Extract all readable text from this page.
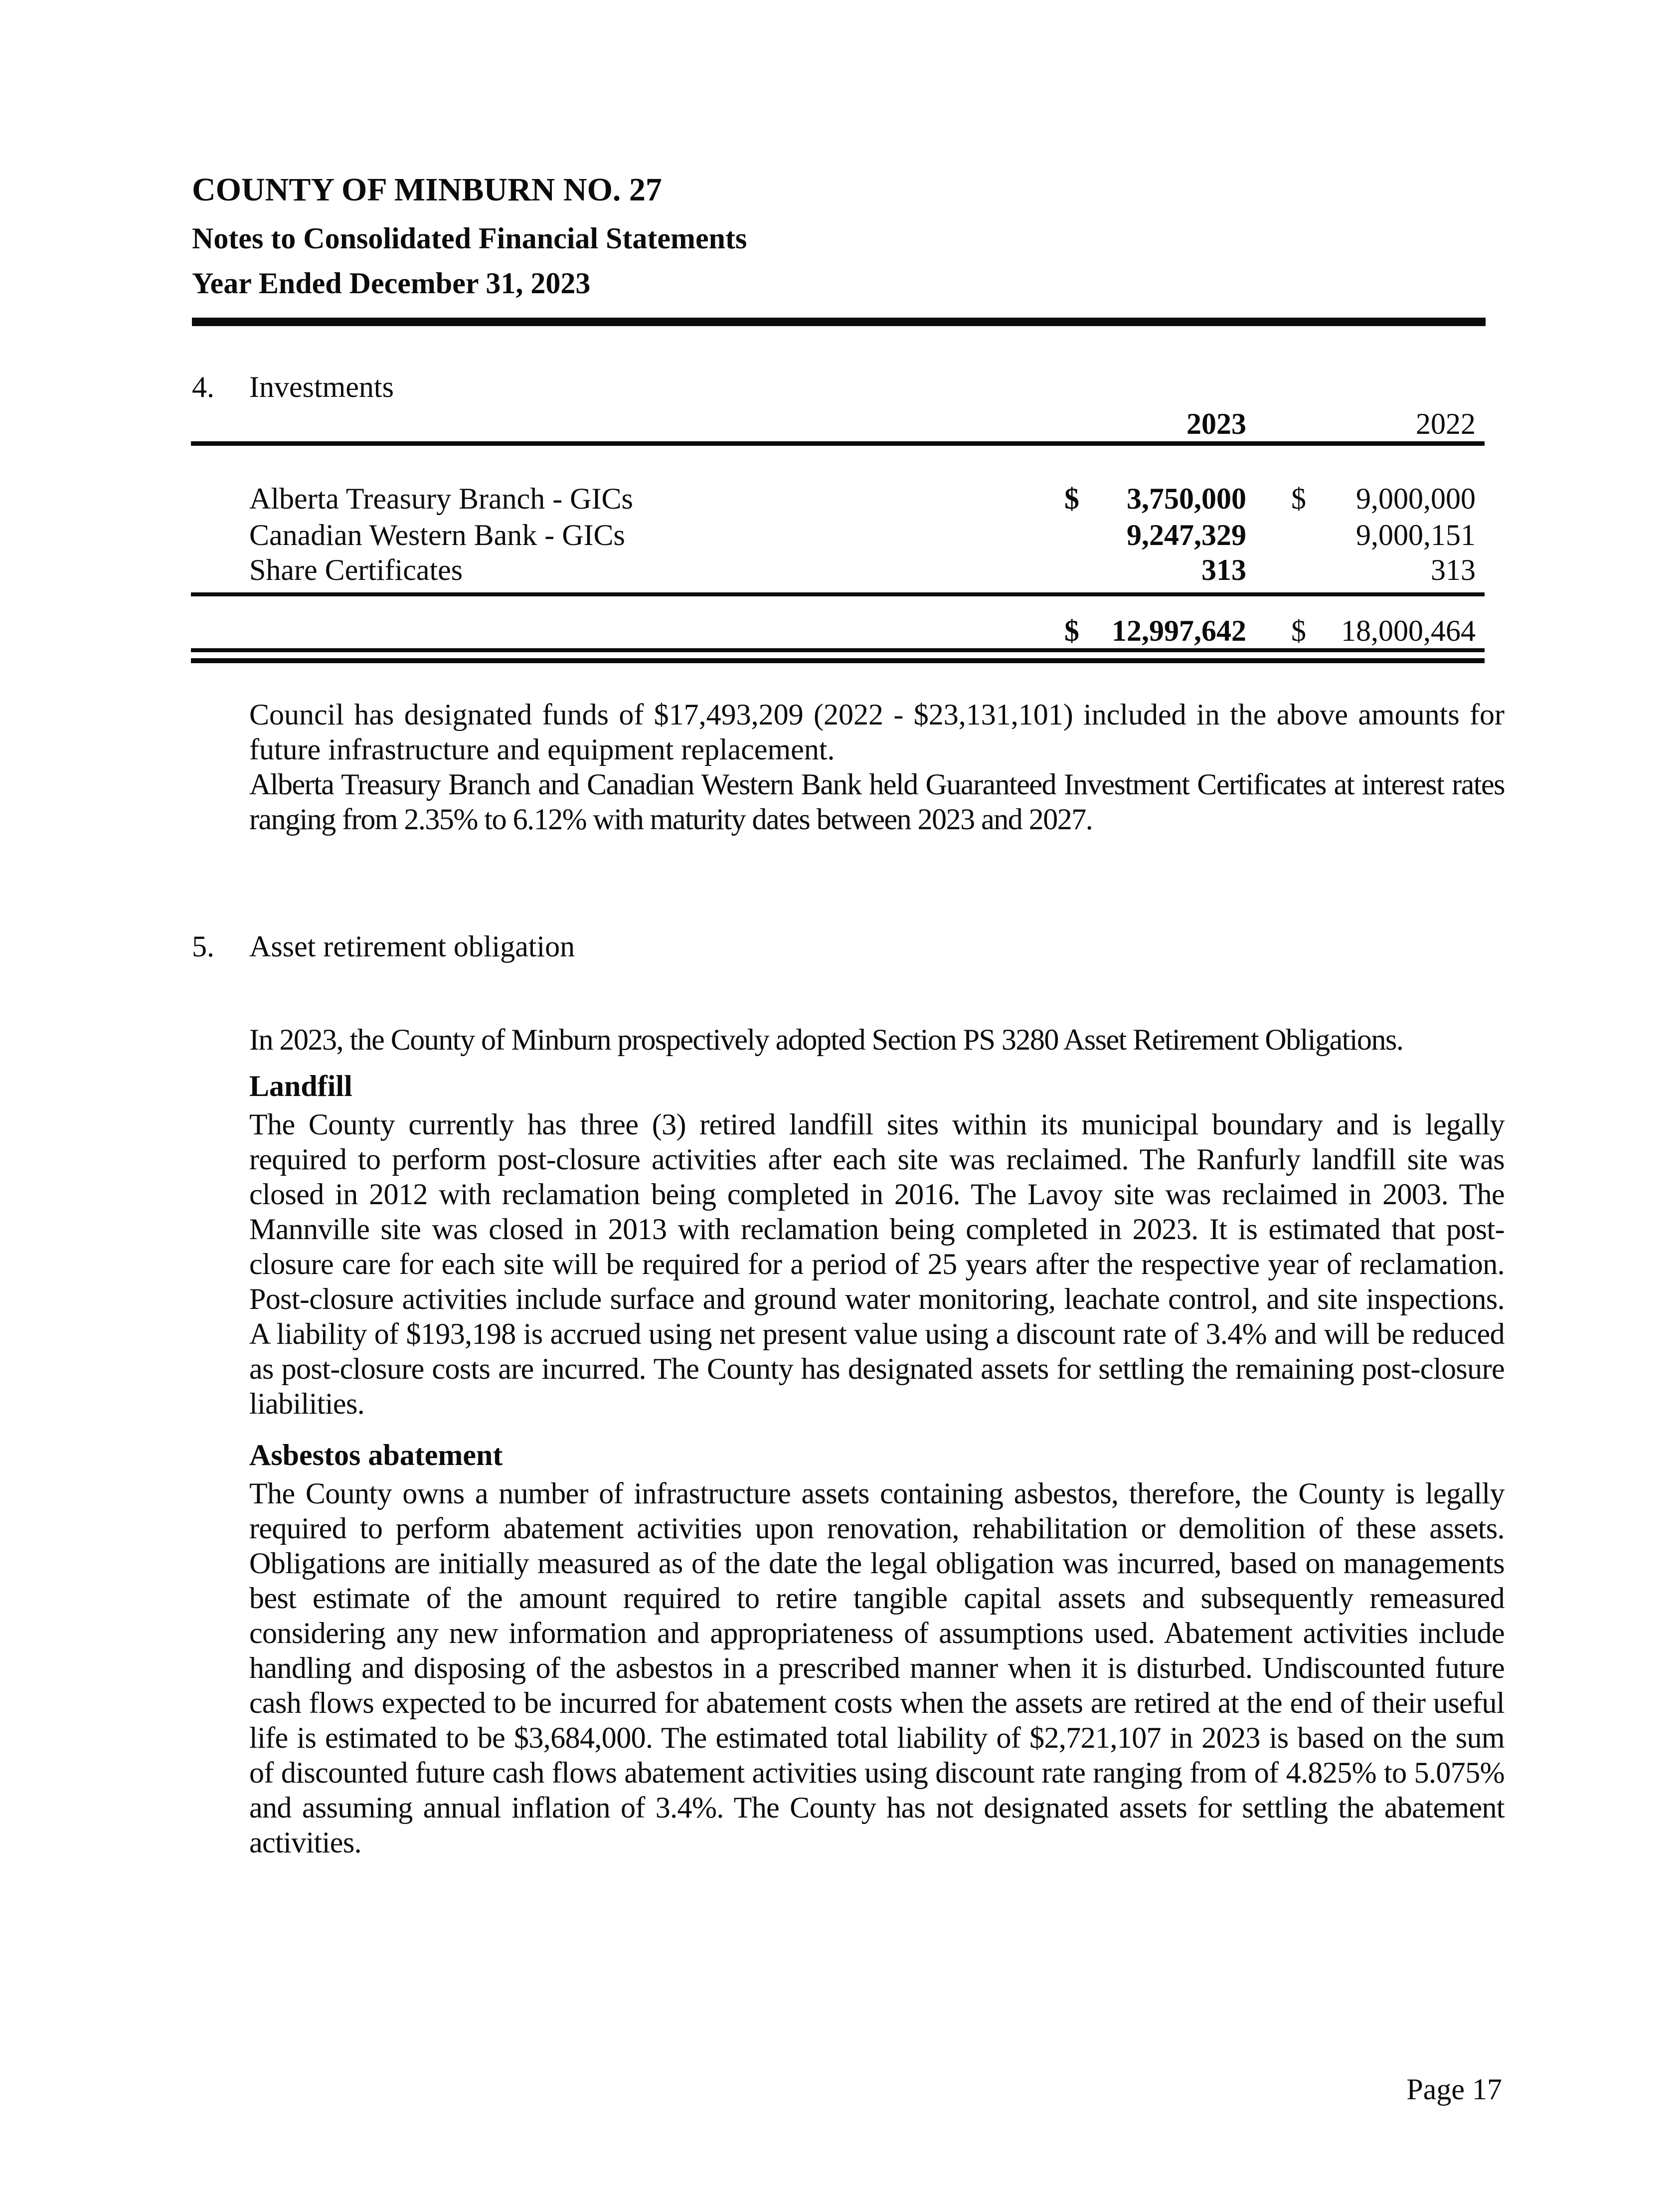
COUNTY OF MINBURN NO. 27
Notes to Consolidated Financial Statements
Year Ended December 31, 2023
4. Investments
2023	2022
Alberta Treasury Branch - GICs	$	3,750,000 $	9,000,000
Canadian Western Bank - GICs	9,247,329	9,000,151
Share Certificates	313	313
$	12,997,642 $	18,000,464

Council has designated funds of $17,493,209 (2022 - $23,131,101) included in the above amounts for future infrastructure and equipment replacement.

Alberta Treasury Branch and Canadian Western Bank held Guaranteed Investment Certificates at interest rates ranging from 2.35% to 6.12% with maturity dates between 2023 and 2027.

5. Asset retirement obligation

In 2023, the County of Minburn prospectively adopted Section PS 3280 Asset Retirement Obligations.

Landfill

The County currently has three (3) retired landfill sites within its municipal boundary and is legally required to perform post-closure activities after each site was reclaimed. The Ranfurly landfill site was closed in 2012 with reclamation being completed in 2016. The Lavoy site was reclaimed in 2003. The Mannville site was closed in 2013 with reclamation being completed in 2023. It is estimated that post-closure care for each site will be required for a period of 25 years after the respective year of reclamation. Post-closure activities include surface and ground water monitoring, leachate control, and site inspections. A liability of $193,198 is accrued using net present value using a discount rate of 3.4% and will be reduced as post-closure costs are incurred. The County has designated assets for settling the remaining post-closure liabilities.

Asbestos abatement

The County owns a number of infrastructure assets containing asbestos, therefore, the County is legally required to perform abatement activities upon renovation, rehabilitation or demolition of these assets. Obligations are initially measured as of the date the legal obligation was incurred, based on managements best estimate of the amount required to retire tangible capital assets and subsequently remeasured considering any new information and appropriateness of assumptions used. Abatement activities include handling and disposing of the asbestos in a prescribed manner when it is disturbed. Undiscounted future cash flows expected to be incurred for abatement costs when the assets are retired at the end of their useful life is estimated to be $3,684,000. The estimated total liability of $2,721,107 in 2023 is based on the sum of discounted future cash flows abatement activities using discount rate ranging from of 4.825% to 5.075% and assuming annual inflation of 3.4%. The County has not designated assets for settling the abatement activities.

Page 17
